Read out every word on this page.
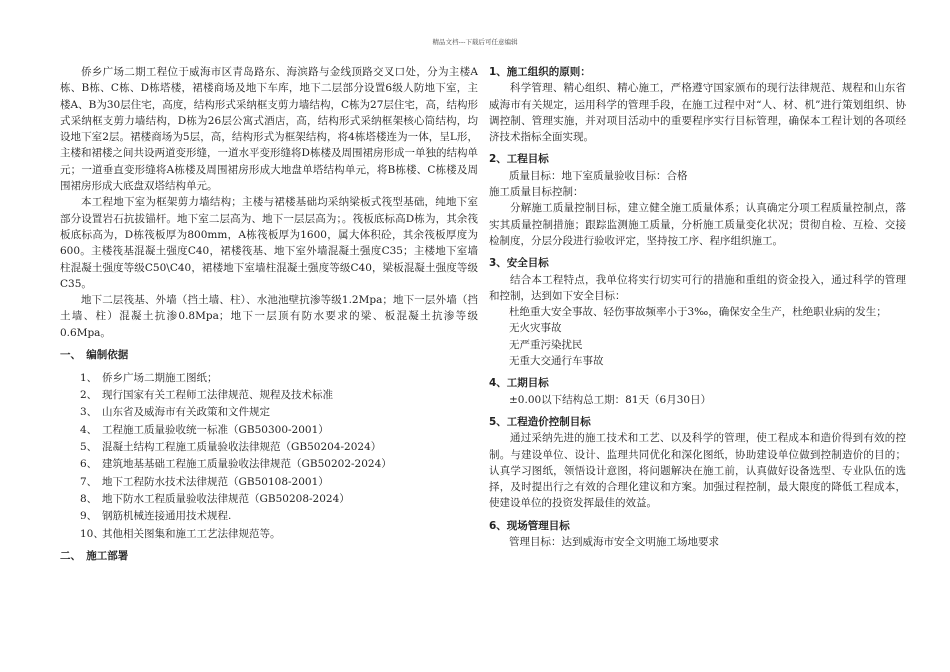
精品文档---下载后可任意编辑

侨乡广场二期工程位于威海市区青岛路东、海滨路与金线顶路交叉口处，分为主楼A栋、B栋、C栋、D栋塔楼，裙楼商场及地下车库，地下二层部分设置6级人防地下室，主楼A、B为30层住宅，高度，结构形式采纳框支剪力墙结构，C栋为27层住宅，高，结构形式采纳框支剪力墙结构，D栋为26层公寓式酒店，高，结构形式采纳框架核心筒结构，均设地下室2层。裙楼商场为5层，高，结构形式为框架结构，将4栋塔楼连为一体，呈L形，主楼和裙楼之间共设两道变形缝，一道水平变形缝将D栋楼及周围裙房形成一单独的结构单元；一道垂直变形缝将A栋楼及周围裙房形成大地盘单塔结构单元，将B栋楼、C栋楼及周围裙房形成大底盘双塔结构单元。

本工程地下室为框架剪力墙结构；主楼与裙楼基础均采纳梁板式筏型基础，纯地下室部分设置岩石抗拔锚杆。地下室二层高为、地下一层层高为；。筏板底标高D栋为，其余筏板底标高为，D栋筏板厚为800mm，A栋筏板厚为1600，属大体积砼，其余筏板厚度为600。主楼筏基混凝土强度C40，裙楼筏基、地下室外墙混凝土强度C35；主楼地下室墙柱混凝土强度等级C50\C40，裙楼地下室墙柱混凝土强度等级C40，梁板混凝土强度等级C35。

地下二层筏基、外墙（挡土墙、柱）、水池池壁抗渗等级1.2Mpa；地下一层外墙（挡土墙、柱）混凝土抗渗0.8Mpa；地下一层顶有防水要求的梁、板混凝土抗渗等级0.6Mpa。

一、　编制依据
1、 侨乡广场二期施工图纸；
2、 现行国家有关工程师工法律规范、规程及技术标准
3、 山东省及威海市有关政策和文件规定
4、 工程施工质量验收统一标准（GB50300-2001）
5、 混凝土结构工程施工质量验收法律规范（GB50204-2024）
6、 建筑地基基础工程施工质量验收法律规范（GB50202-2024）
7、 地下工程防水技术法律规范（GB50108-2001）
8、 地下防水工程质量验收法律规范（GB50208-2024）
9、 钢筋机械连接通用技术规程.
10、
其他相关图集和施工工艺法律规范等。
二、　施工部署
1、施工组织的原则：

科学管理、精心组织、精心施工，严格遵守国家颁布的现行法律规范、规程和山东省威海市有关规定，运用科学的管理手段，在施工过程中对“人、材、机”进行策划组织、协调控制、管理实施，并对项目活动中的重要程序实行目标管理，确保本工程计划的各项经济技术指标全面实现。

2、工程目标

质量目标：地下室质量验收目标：合格

施工质量目标控制：

分解施工质量控制目标，建立健全施工质量体系；认真确定分项工程质量控制点，落实其质量控制措施；跟踪监测施工质量，分析施工质量变化状况；贯彻自检、互检、交接检制度，分层分段进行验收评定，坚持按工序、程序组织施工。

3、安全目标

结合本工程特点，我单位将实行切实可行的措施和重组的资金投入，通过科学的管理和控制，达到如下安全目标：

杜绝重大安全事故、轻伤事故频率小于3‰，确保安全生产，杜绝职业病的发生；

无火灾事故

无严重污染扰民

无重大交通行车事故

4、工期目标

±0.00以下结构总工期：81天（6月30日）

5、工程造价控制目标

通过采纳先进的施工技术和工艺、以及科学的管理，使工程成本和造价得到有效的控制。与建设单位、设计、监理共同优化和深化图纸，协助建设单位做到控制造价的目的；认真学习图纸，领悟设计意图，将问题解决在施工前，认真做好设备选型、专业队伍的选择，及时提出行之有效的合理化建议和方案。加强过程控制，最大限度的降低工程成本，使建设单位的投资发挥最佳的效益。

6、现场管理目标

管理目标：达到威海市安全文明施工场地要求
